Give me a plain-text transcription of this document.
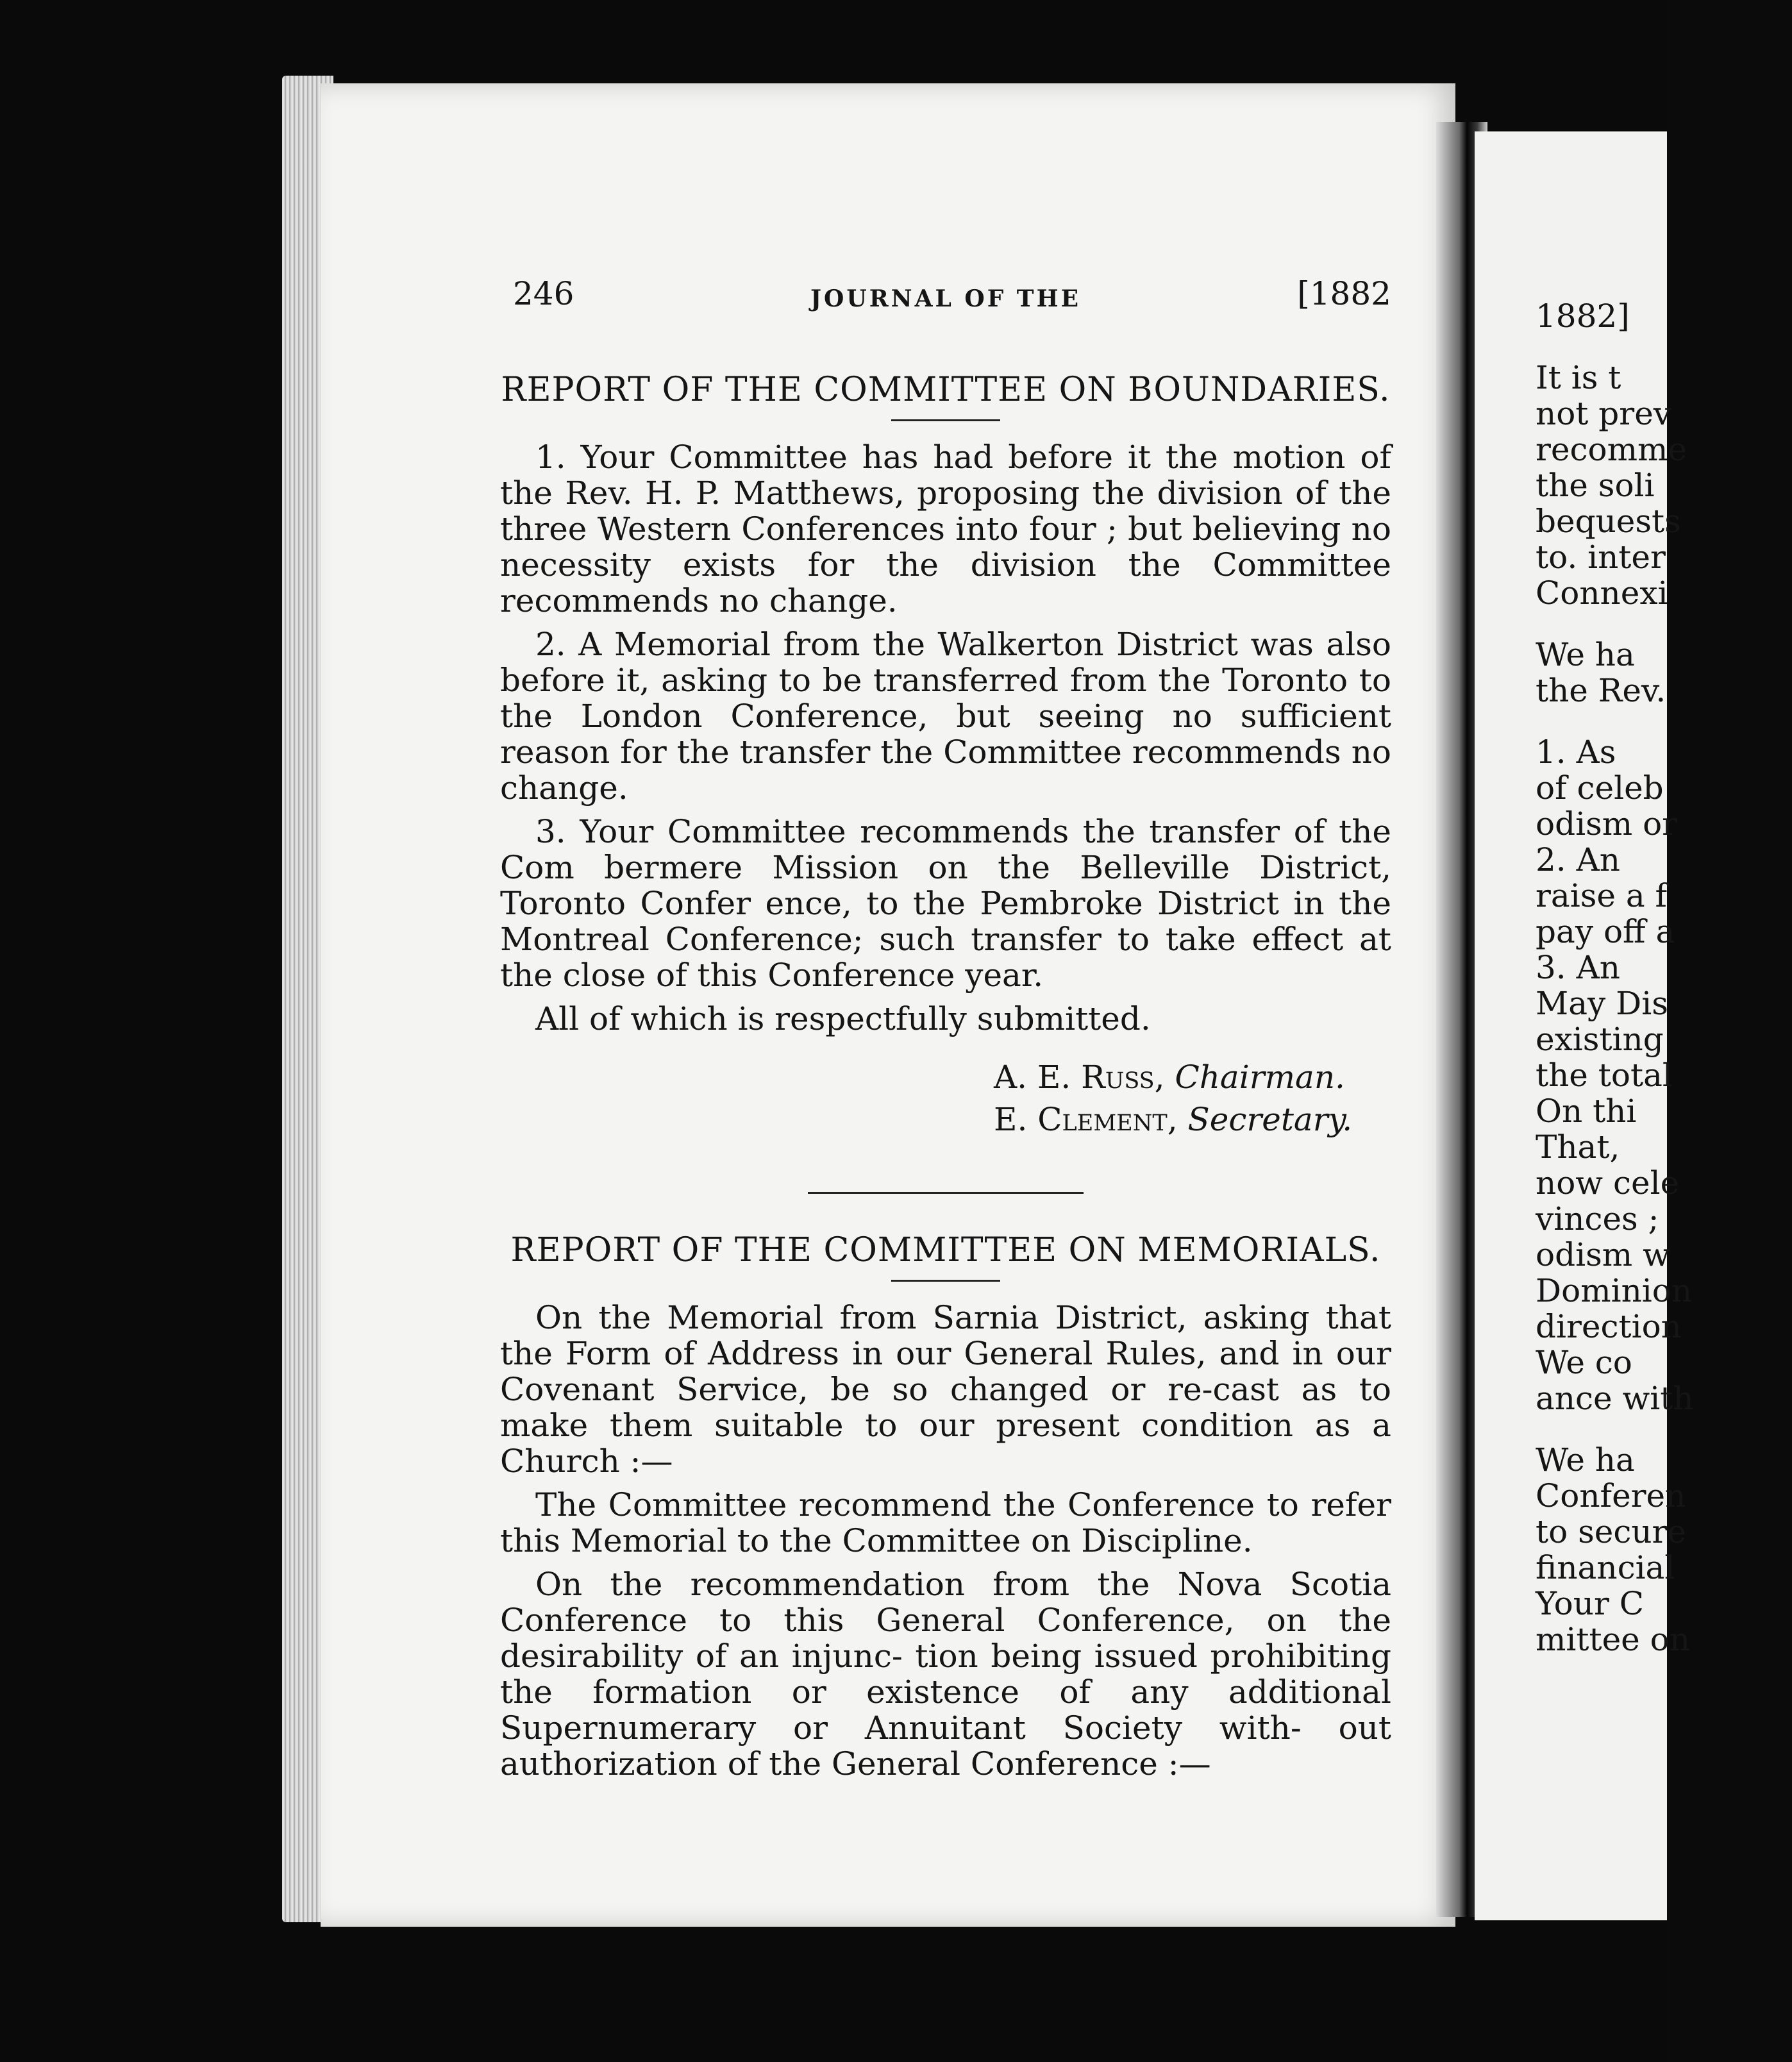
246	JOURNAL OF THE	[1882
REPORT OF THE COMMITTEE ON BOUNDARIES.

1. Your Committee has had before it the motion of the Rev. H. P. Matthews, proposing the division of the three Western Conferences into four ; but believing no necessity exists for the division the Committee recommends no change.

2. A Memorial from the Walkerton District was also before it, asking to be transferred from the Toronto to the London Conference, but seeing no sufficient reason for the transfer the Committee recommends no change.

3. Your Committee recommends the transfer of the Com bermere Mission on the Belleville District, Toronto Confer ence, to the Pembroke District in the Montreal Conference; such transfer to take effect at the close of this Conference year.

All of which is respectfully submitted.

A. E. Russ, Chairman.
E. Clement, Secretary.
REPORT OF THE COMMITTEE ON MEMORIALS.

On the Memorial from Sarnia District, asking that the Form of Address in our General Rules, and in our Covenant Service, be so changed or re-cast as to make them suitable to our present condition as a Church :—

The Committee recommend the Conference to refer this Memorial to the Committee on Discipline.

On the recommendation from the Nova Scotia Conference to this General Conference, on the desirability of an injunc- tion being issued prohibiting the formation or existence of any additional Supernumerary or Annuitant Society with- out authorization of the General Conference :—

1882]
It is t
not prev
recomme
the soli
bequests
to. inter
Connexi
We ha
the Rev.
1. As
of celeb
odism or
2. An
raise a f
pay off a
3. An
May Dis
existing
the total
On thi
That,
now cele
vinces ;
odism w
Dominion
direction
We co
ance with
We ha
Conferen
to secure
financial
Your C
mittee on
